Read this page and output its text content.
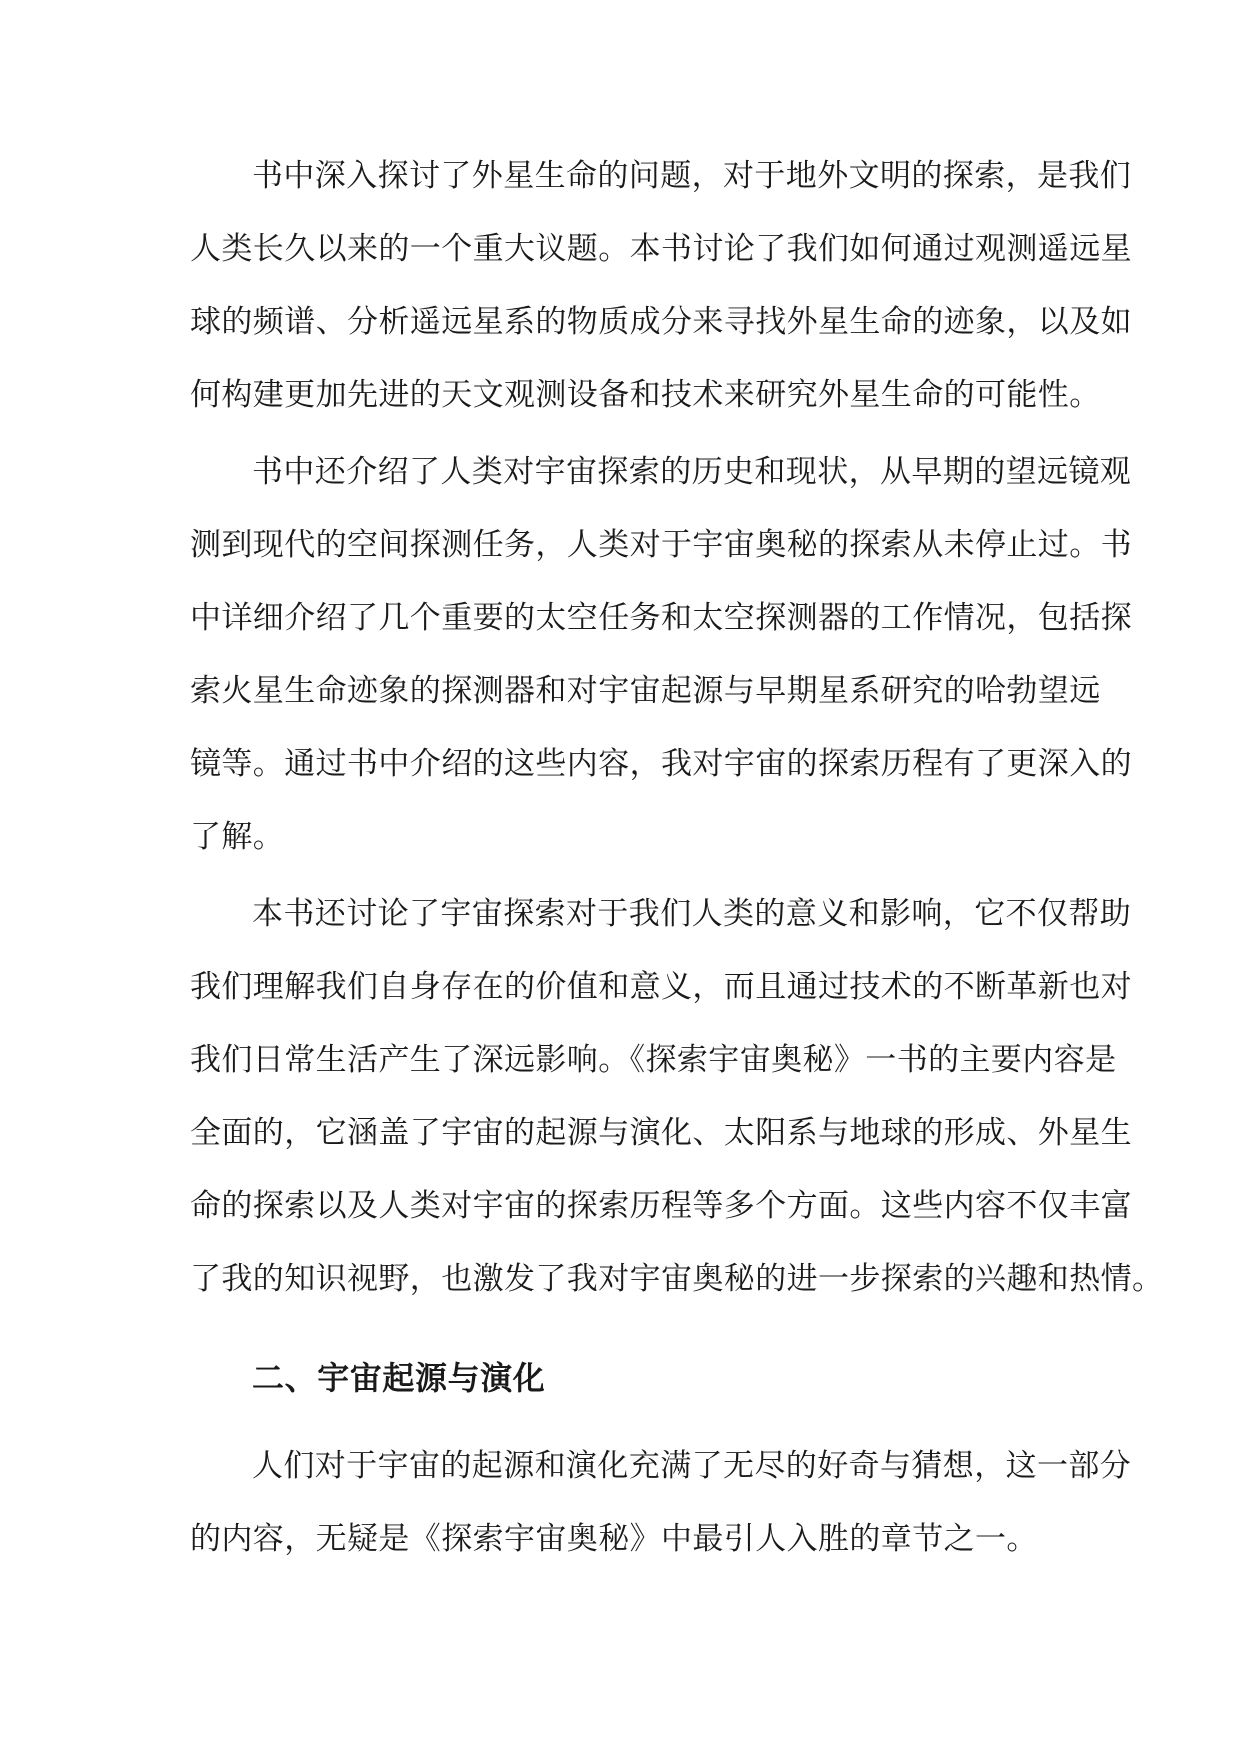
书中深入探讨了外星生命的问题，对于地外文明的探索，是我们
人类长久以来的一个重大议题。本书讨论了我们如何通过观测遥远星
球的频谱、分析遥远星系的物质成分来寻找外星生命的迹象，以及如
何构建更加先进的天文观测设备和技术来研究外星生命的可能性。

书中还介绍了人类对宇宙探索的历史和现状，从早期的望远镜观
测到现代的空间探测任务，人类对于宇宙奥秘的探索从未停止过。书
中详细介绍了几个重要的太空任务和太空探测器的工作情况，包括探
索火星生命迹象的探测器和对宇宙起源与早期星系研究的哈勃望远
镜等。通过书中介绍的这些内容，我对宇宙的探索历程有了更深入的
了解。

本书还讨论了宇宙探索对于我们人类的意义和影响，它不仅帮助
我们理解我们自身存在的价值和意义，而且通过技术的不断革新也对
我们日常生活产生了深远影响。《探索宇宙奥秘》一书的主要内容是
全面的，它涵盖了宇宙的起源与演化、太阳系与地球的形成、外星生
命的探索以及人类对宇宙的探索历程等多个方面。这些内容不仅丰富
了我的知识视野，也激发了我对宇宙奥秘的进一步探索的兴趣和热情。

二、宇宙起源与演化

人们对于宇宙的起源和演化充满了无尽的好奇与猜想，这一部分
的内容，无疑是《探索宇宙奥秘》中最引人入胜的章节之一。
